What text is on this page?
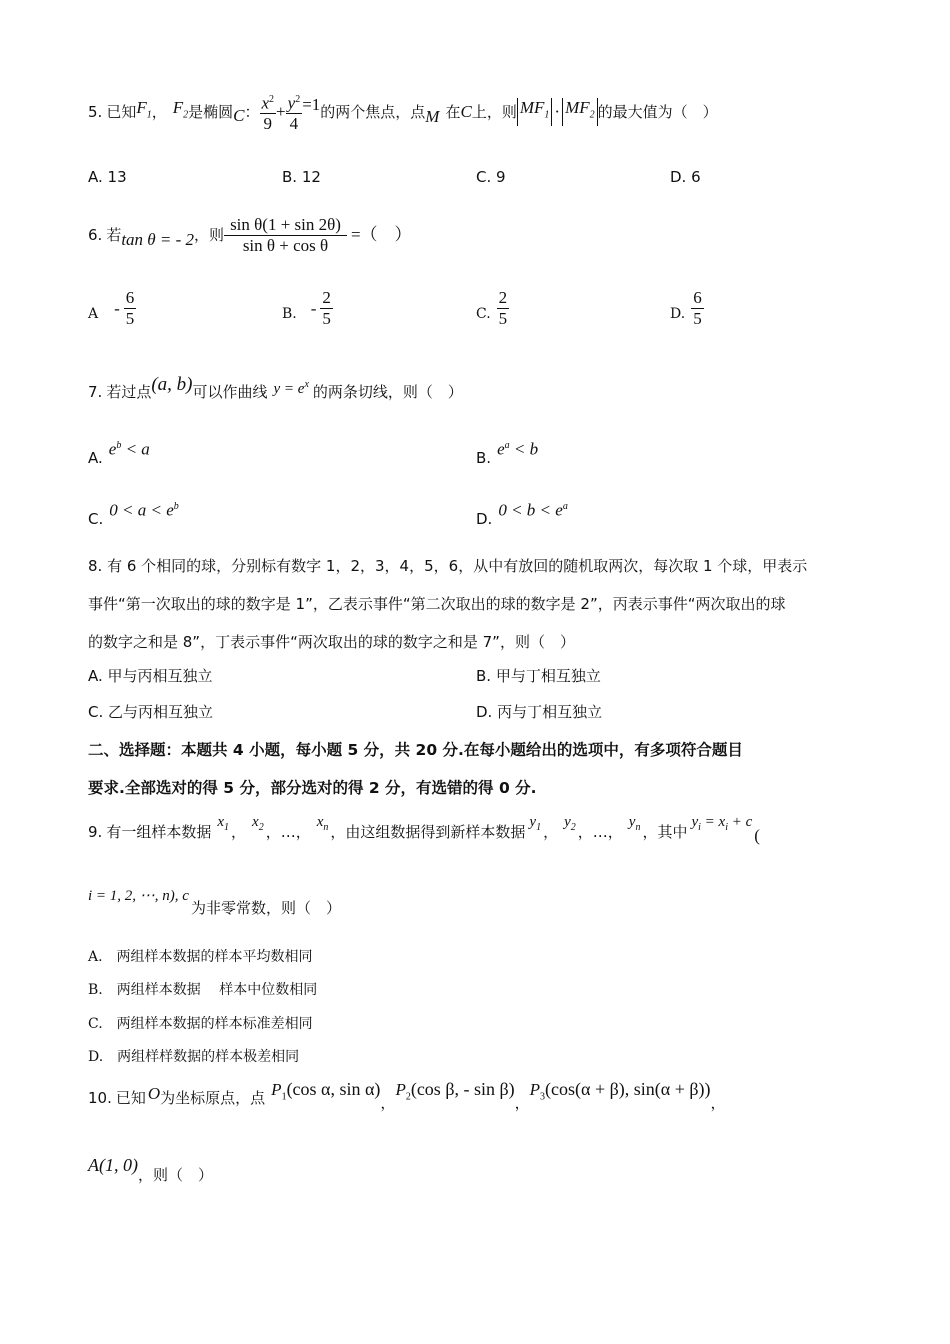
5. 已知 $F_1$ ， $F_2$ 是椭圆 C ： $\frac{x^2}{9} + \frac{y^2}{4} =1$ 的两个焦点，点 M 在 C 上，则 $MF_1 \cdot MF_2$ 的最大值为（　）
A. 13	B. 12	C. 9	D. 6
6. 若 tan θ = - 2 ，则 $\frac{\text{sin θ(1 + sin 2θ)}}{\text{sin θ + cos θ}}$ =（　）
A - $\frac{6}{5}$	B. - $\frac{2}{5}$	C. $\frac{2}{5}$	D. $\frac{6}{5}$
7. 若过点 (a, b) 可以作曲线 $y = e^x$ 的两条切线，则（　）
A. $e^b < a$	B. $e^a < b$
C. $0 < a < e^b$
D. $0 < b < e^a$
8. 有 6 个相同的球，分别标有数字 1，2，3，4，5，6，从中有放回的随机取两次，每次取 1 个球，甲表示
事件“第一次取出的球的数字是 1”，乙表示事件“第二次取出的球的数字是 2”，丙表示事件“两次取出的球
的数字之和是 8”，丁表示事件“两次取出的球的数字之和是 7”，则（　）
A. 甲与丙相互独立	B. 甲与丁相互独立
C. 乙与丙相互独立	D. 丙与丁相互独立
二、选择题：本题共 4 小题，每小题 5 分，共 20 分.在每小题给出的选项中，有多项符合题目
要求.全部选对的得 5 分，部分选对的得 2 分，有选错的得 0 分.
9. 有一组样本数据
$x_1$ ，
$x_2$ ，…，
$x_n$ ，由这组数据得到新样本数据
$y_1$ ，
$y_2$ ，…，
$y_n$ ，其中
$y_i = x_i + c$
(
i = 1, 2, ⋯, n), c
为非零常数，则（　）
A.　两组样本数据的样本平均数相同
B.　两组样本数据　 样本中位数相同
C.　两组样本数据的样本标准差相同
D.　两组样样数据的样本极差相同
10. 已知 O 为坐标原点，点 $P_1(\cos$ α, sin α)
，
$P_2(\cos$ β, - sin β)
，
$P_3(\cos(\alpha + \beta)$, sin(α + β))
，
A(1, 0) ，则（　）
